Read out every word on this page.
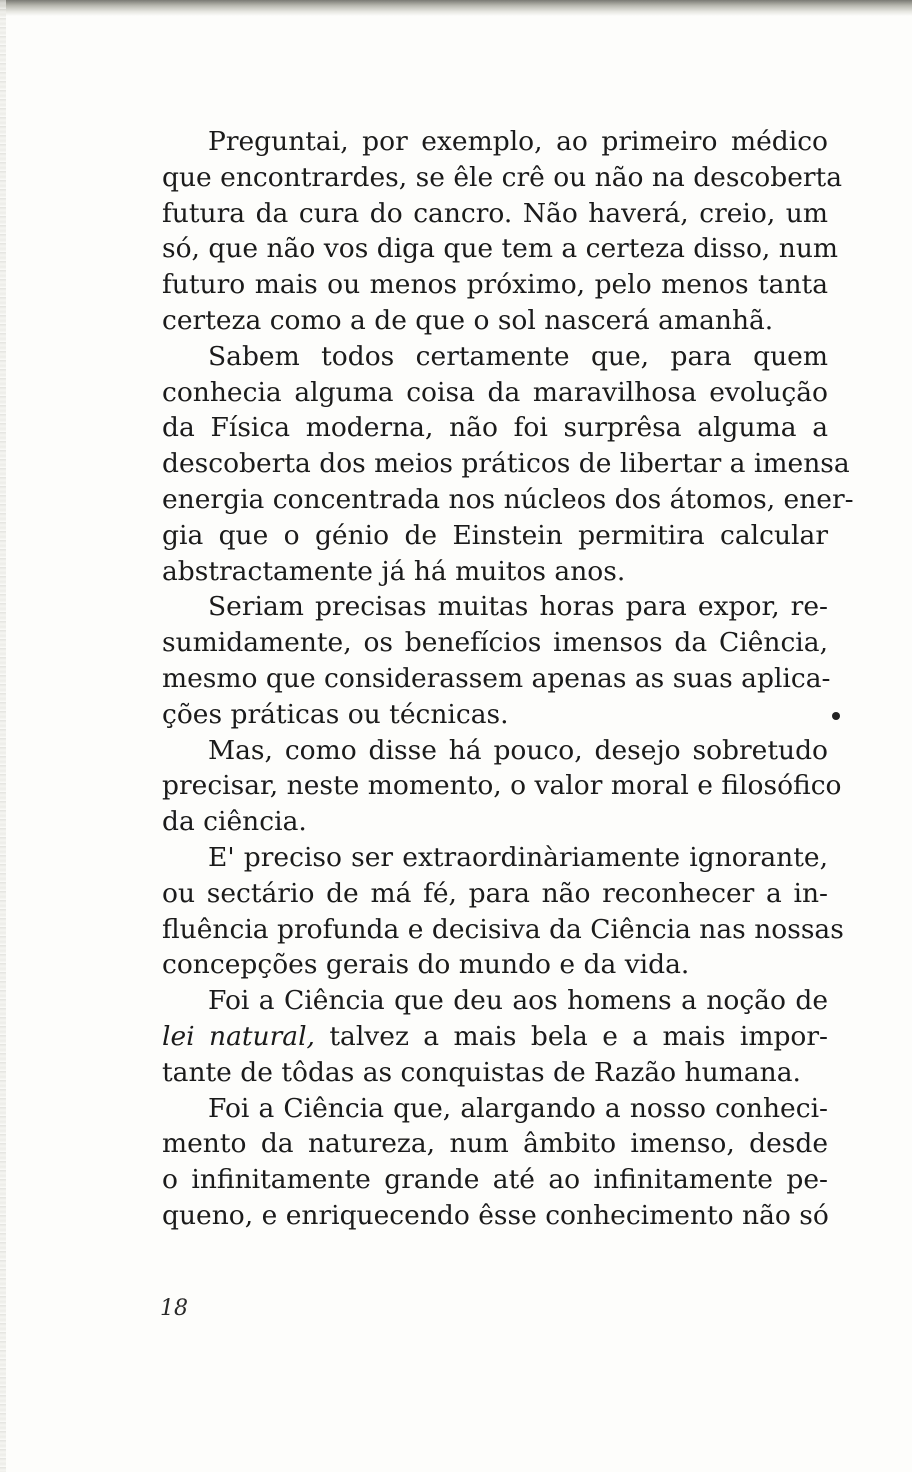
Preguntai, por exemplo, ao primeiro médico
que encontrardes, se êle crê ou não na descoberta
futura da cura do cancro. Não haverá, creio, um
só, que não vos diga que tem a certeza disso, num
futuro mais ou menos próximo, pelo menos tanta
certeza como a de que o sol nascerá amanhã.
Sabem todos certamente que, para quem
conhecia alguma coisa da maravilhosa evolução
da Física moderna, não foi surprêsa alguma a
descoberta dos meios práticos de libertar a imensa
energia concentrada nos núcleos dos átomos, ener-
gia que o génio de Einstein permitira calcular
abstractamente já há muitos anos.
Seriam precisas muitas horas para expor, re-
sumidamente, os benefícios imensos da Ciência,
mesmo que considerassem apenas as suas aplica-
ções práticas ou técnicas.
Mas, como disse há pouco, desejo sobretudo
precisar, neste momento, o valor moral e filosófico
da ciência.
E' preciso ser extraordinàriamente ignorante,
ou sectário de má fé, para não reconhecer a in-
fluência profunda e decisiva da Ciência nas nossas
concepções gerais do mundo e da vida.
Foi a Ciência que deu aos homens a noção de
lei natural, talvez a mais bela e a mais impor-
tante de tôdas as conquistas de Razão humana.
Foi a Ciência que, alargando a nosso conheci-
mento da natureza, num âmbito imenso, desde
o infinitamente grande até ao infinitamente pe-
queno, e enriquecendo êsse conhecimento não só
18
